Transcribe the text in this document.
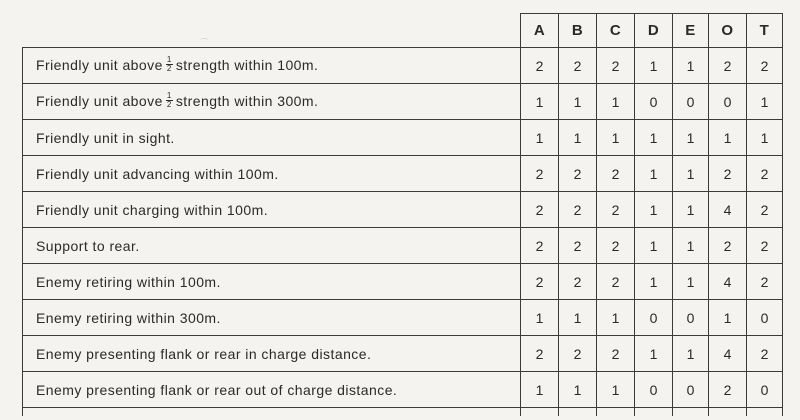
·~·
	A	B	C	D	E	O	T
Friendly unit above $\frac{1}{2}$ strength within 100m.	2	2	2	1	1	2	2
Friendly unit above $\frac{1}{2}$ strength within 300m.	1	1	1	0	0	0	1
Friendly unit in sight.	1	1	1	1	1	1	1
Friendly unit advancing within 100m.	2	2	2	1	1	2	2
Friendly unit charging within 100m.	2	2	2	1	1	4	2
Support to rear.	2	2	2	1	1	2	2
Enemy retiring within 100m.	2	2	2	1	1	4	2
Enemy retiring within 300m.	1	1	1	0	0	1	0
Enemy presenting flank or rear in charge distance.	2	2	2	1	1	4	2
Enemy presenting flank or rear out of charge distance.	1	1	1	0	0	2	0
